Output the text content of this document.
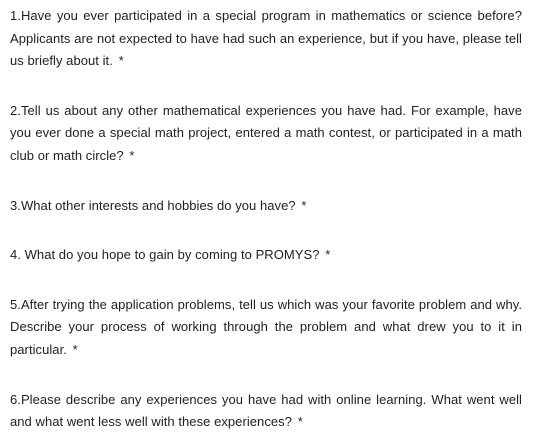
1.Have you ever participated in a special program in mathematics or science before? Applicants are not expected to have had such an experience, but if you have, please tell us briefly about it. *

2.Tell us about any other mathematical experiences you have had. For example, have you ever done a special math project, entered a math contest, or participated in a math club or math circle? *

3.What other interests and hobbies do you have? *

4. What do you hope to gain by coming to PROMYS? *

5.After trying the application problems, tell us which was your favorite problem and why. Describe your process of working through the problem and what drew you to it in particular. *

6.Please describe any experiences you have had with online learning. What went well and what went less well with these experiences? *
